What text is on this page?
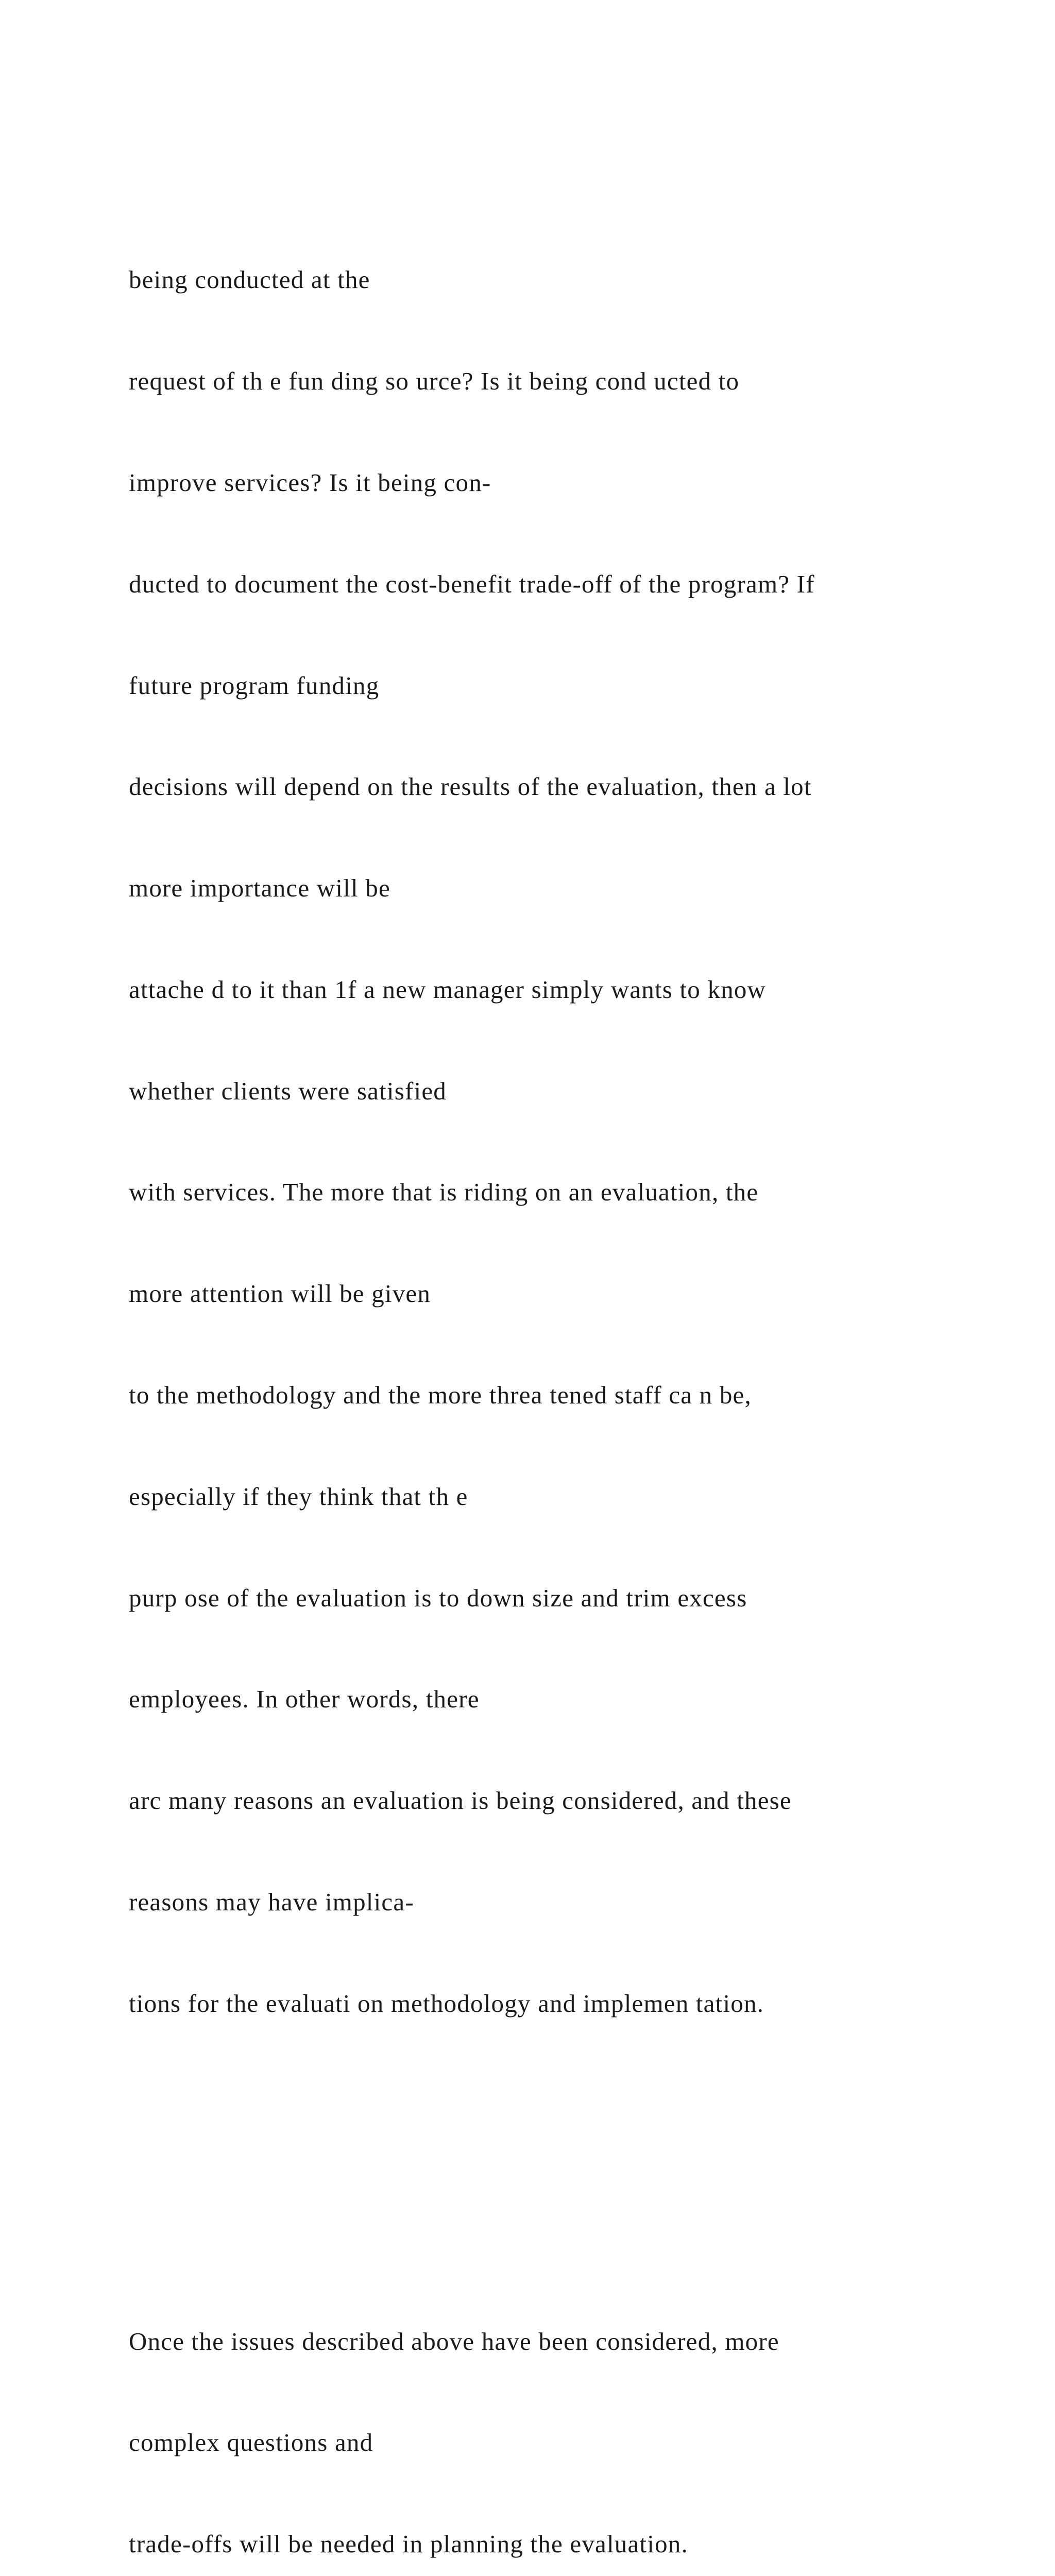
being conducted at the

request of th e fun ding so urce? Is it being cond ucted to

improve services? Is it being con-

ducted to document the cost-benefit trade-off of the program? If

future program funding

decisions will depend on the results of the evaluation, then a lot

more importance will be

attache d to it than 1f a new manager simply wants to know

whether clients were satisfied

with services. The more that is riding on an evaluation, the

more attention will be given

to the methodology and the more threa tened staff ca n be,

especially if they think that th e

purp ose of the evaluation is to down size and trim excess

employees. In other words, there

arc many reasons an evaluation is being considered, and these

reasons may have implica-

tions for the evaluati on methodology and implemen tation.

Once the issues described above have been considered, more

complex questions and

trade-offs will be needed in planning the evaluation.
